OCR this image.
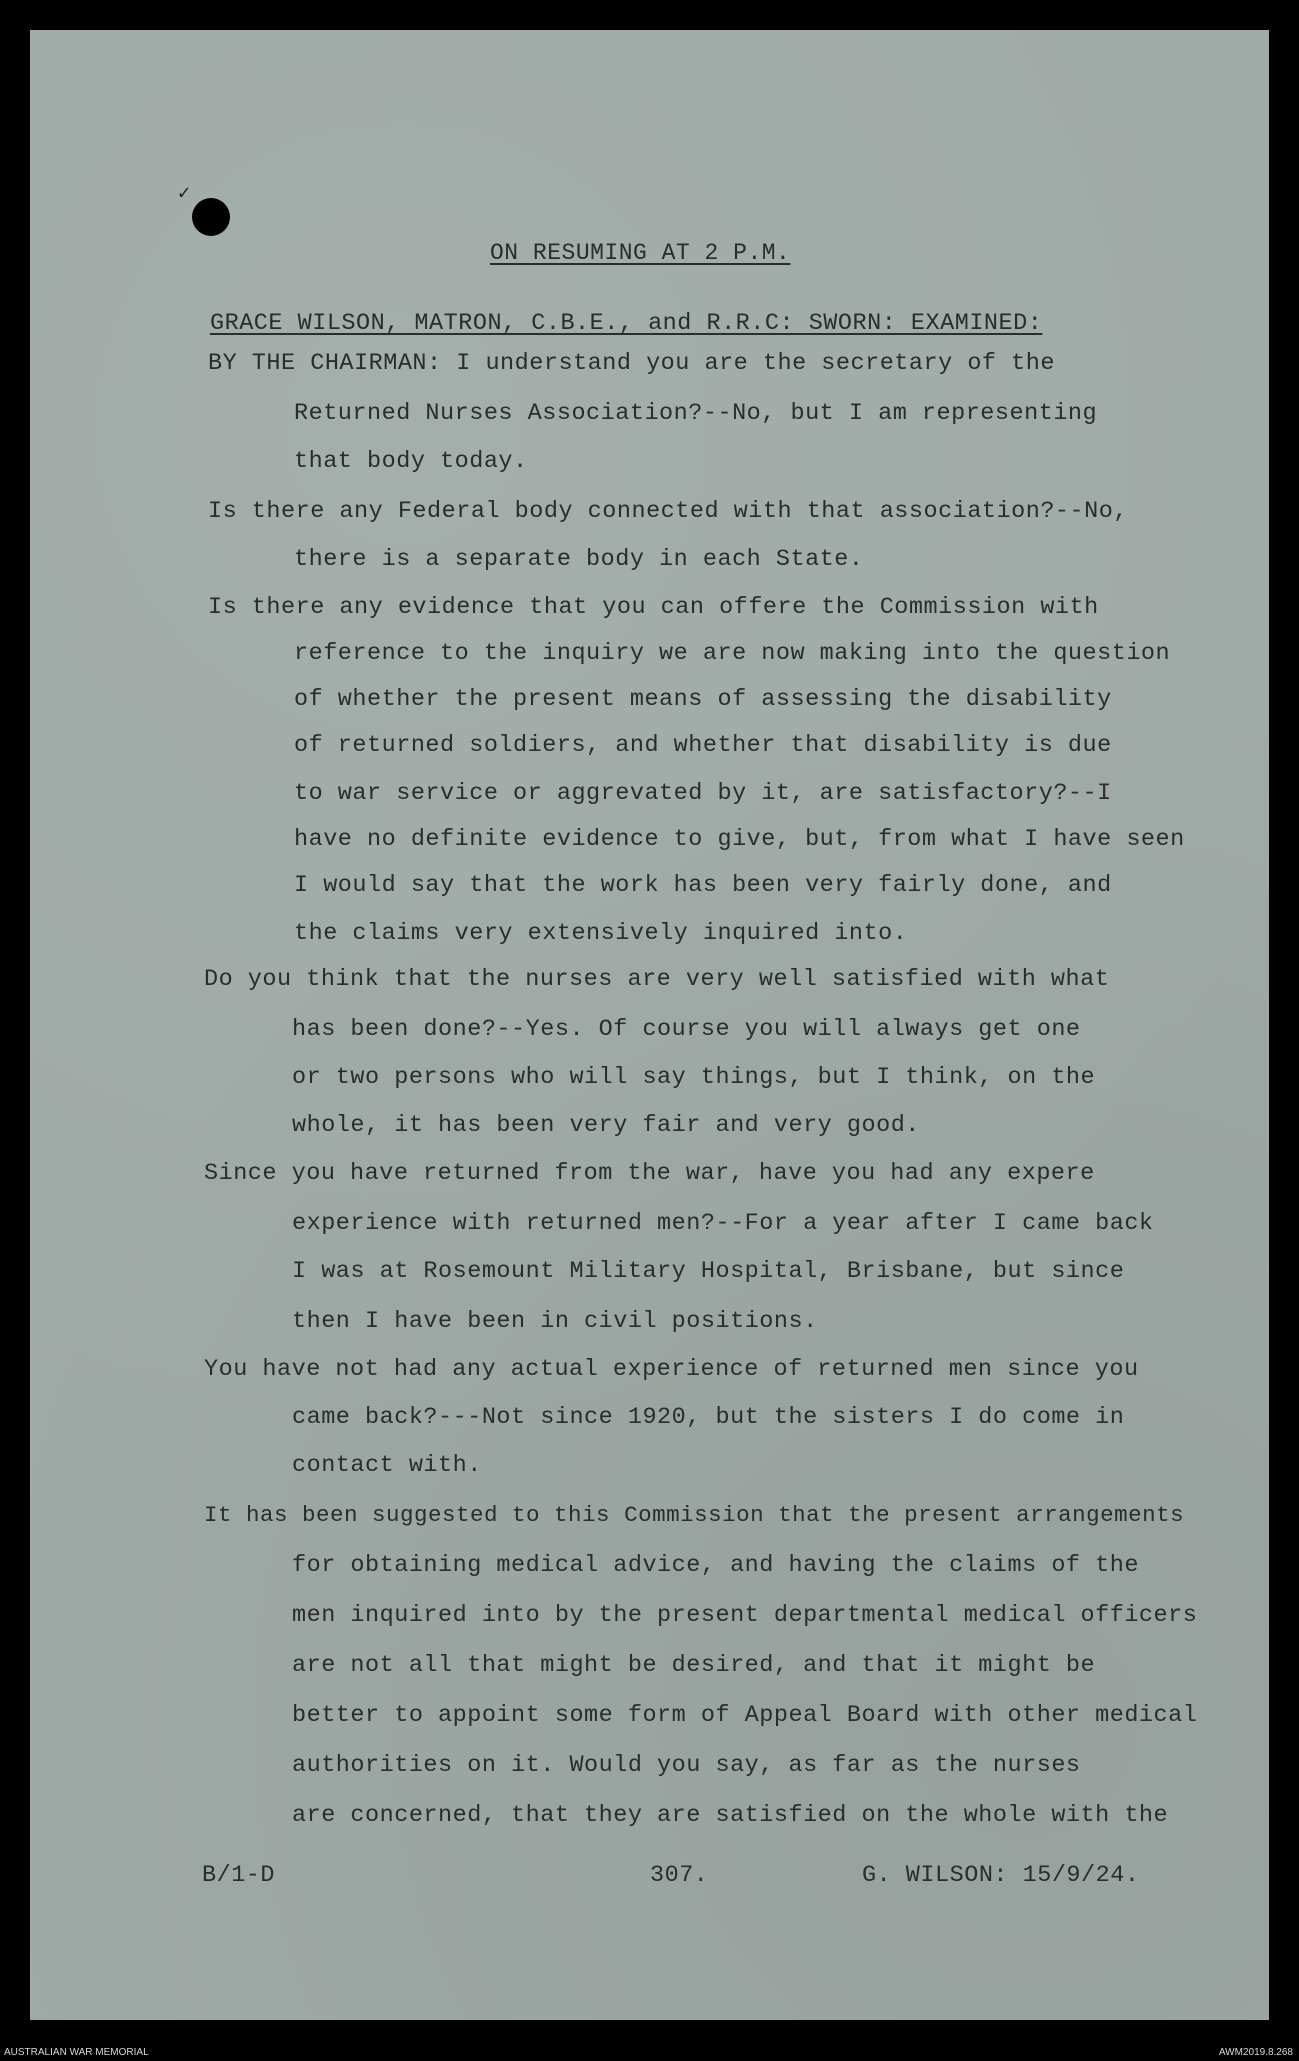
✓
ON RESUMING AT 2 P.M.
GRACE WILSON, MATRON, C.B.E., and R.R.C: SWORN: EXAMINED:
BY THE CHAIRMAN: I understand you are the secretary of the
Returned Nurses Association?--No, but I am representing
that body today.
Is there any Federal body connected with that association?--No,
there is a separate body in each State.
Is there any evidence that you can offere the Commission with
reference to the inquiry we are now making into the question
of whether the present means of assessing the disability
of returned soldiers, and whether that disability is due
to war service or aggrevated by it, are satisfactory?--I
have no definite evidence to give, but, from what I have seen
I would say that the work has been very fairly done, and
the claims very extensively inquired into.
Do you think that the nurses are very well satisfied with what
has been done?--Yes. Of course you will always get one
or two persons who will say things, but I think, on the
whole, it has been very fair and very good.
Since you have returned from the war, have you had any expere
experience with returned men?--For a year after I came back
I was at Rosemount Military Hospital, Brisbane, but since
then I have been in civil positions.
You have not had any actual experience of returned men since you
came back?---Not since 1920, but the sisters I do come in
contact with.
It has been suggested to this Commission that the present arrangements
for obtaining medical advice, and having the claims of the
men inquired into by the present departmental medical officers
are not all that might be desired, and that it might be
better to appoint some form of Appeal Board with other medical
authorities on it. Would you say, as far as the nurses
are concerned, that they are satisfied on the whole with the
B/1-D	307.	G. WILSON: 15/9/24.
AUSTRALIAN WAR MEMORIAL	AWM2019.8.268
